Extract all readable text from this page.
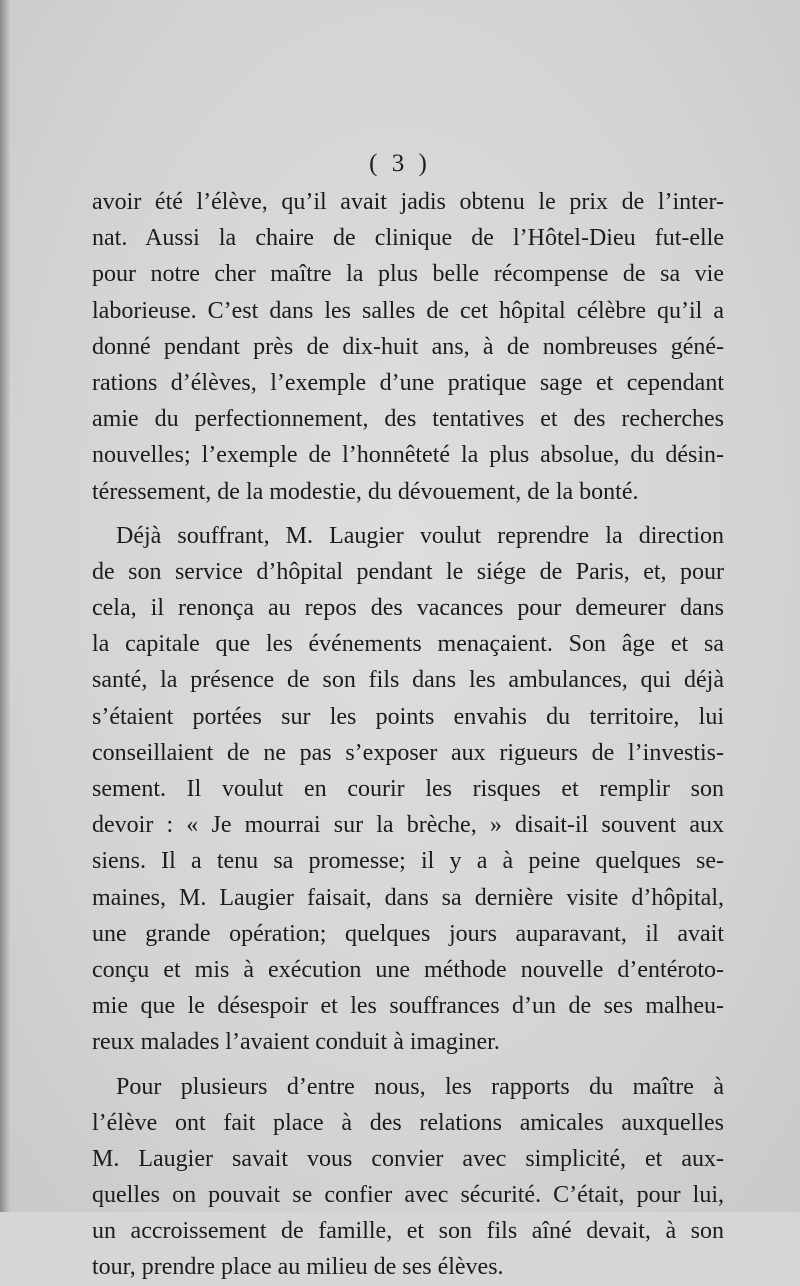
( 3 )
avoir été l’élève, qu’il avait jadis obtenu le prix de l’inter-
nat. Aussi la chaire de clinique de l’Hôtel-Dieu fut-elle
pour notre cher maître la plus belle récompense de sa vie
laborieuse. C’est dans les salles de cet hôpital célèbre qu’il a
donné pendant près de dix-huit ans, à de nombreuses géné-
rations d’élèves, l’exemple d’une pratique sage et cependant
amie du perfectionnement, des tentatives et des recherches
nouvelles; l’exemple de l’honnêteté la plus absolue, du désin-
téressement, de la modestie, du dévouement, de la bonté.
Déjà souffrant, M. Laugier voulut reprendre la direction
de son service d’hôpital pendant le siége de Paris, et, pour
cela, il renonça au repos des vacances pour demeurer dans
la capitale que les événements menaçaient. Son âge et sa
santé, la présence de son fils dans les ambulances, qui déjà
s’étaient portées sur les points envahis du territoire, lui
conseillaient de ne pas s’exposer aux rigueurs de l’investis-
sement. Il voulut en courir les risques et remplir son
devoir : « Je mourrai sur la brèche, » disait-il souvent aux
siens. Il a tenu sa promesse; il y a à peine quelques se-
maines, M. Laugier faisait, dans sa dernière visite d’hôpital,
une grande opération; quelques jours auparavant, il avait
conçu et mis à exécution une méthode nouvelle d’entéroto-
mie que le désespoir et les souffrances d’un de ses malheu-
reux malades l’avaient conduit à imaginer.
Pour plusieurs d’entre nous, les rapports du maître à
l’élève ont fait place à des relations amicales auxquelles
M. Laugier savait vous convier avec simplicité, et aux-
quelles on pouvait se confier avec sécurité. C’était, pour lui,
un accroissement de famille, et son fils aîné devait, à son
tour, prendre place au milieu de ses élèves.
